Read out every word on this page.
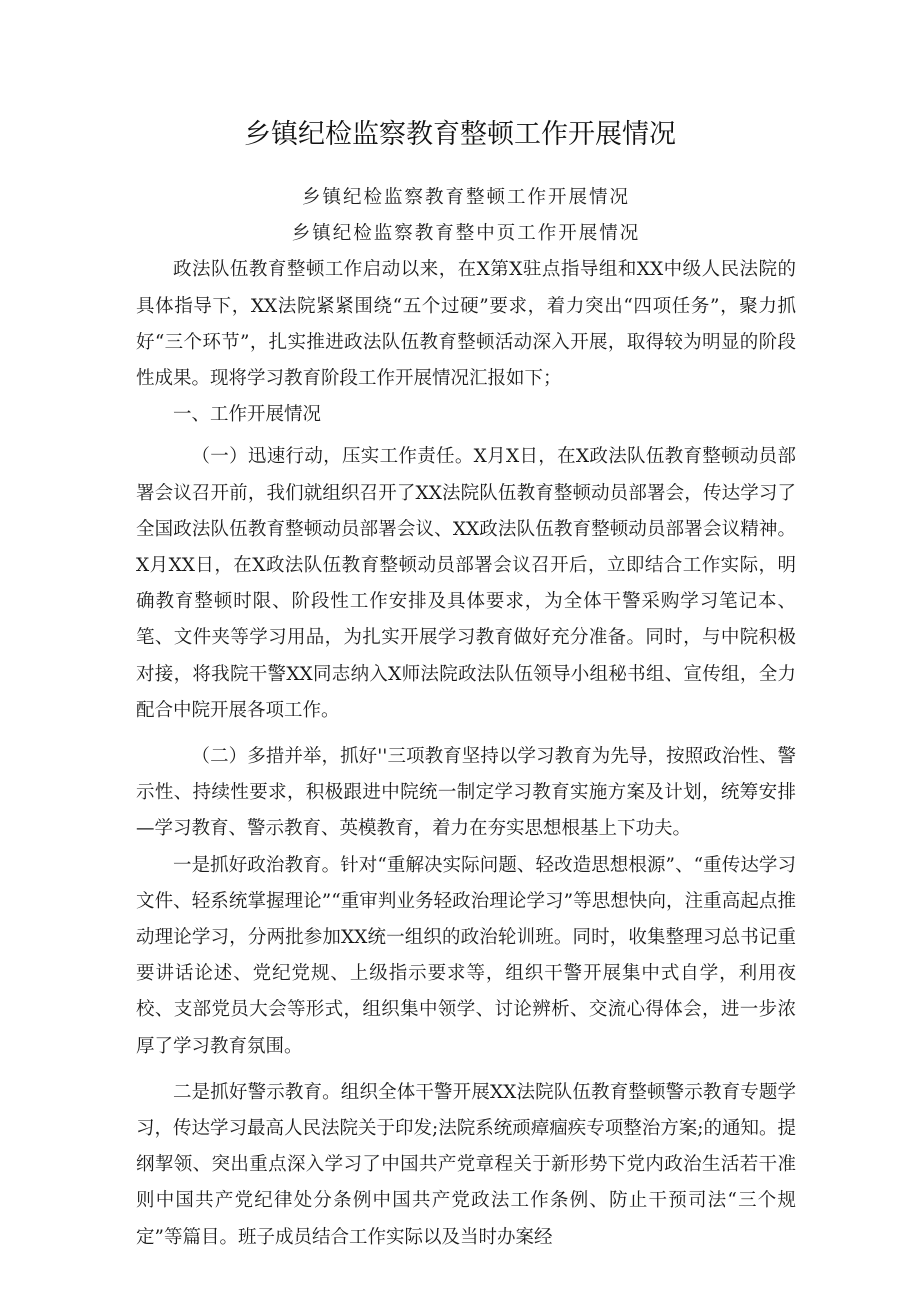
乡镇纪检监察教育整顿工作开展情况

乡镇纪检监察教育整顿工作开展情况

乡镇纪检监察教育整中页工作开展情况

政法队伍教育整顿工作启动以来，在X第X驻点指导组和XX中级人民法院的具体指导下，XX法院紧紧围绕“五个过硬”要求，着力突出“四项任务”，聚力抓好“三个环节”，扎实推进政法队伍教育整顿活动深入开展，取得较为明显的阶段性成果。现将学习教育阶段工作开展情况汇报如下；

一、工作开展情况

（一）迅速行动，压实工作责任。X月X日，在X政法队伍教育整顿动员部署会议召开前，我们就组织召开了XX法院队伍教育整顿动员部署会，传达学习了全国政法队伍教育整顿动员部署会议、XX政法队伍教育整顿动员部署会议精神。X月XX日，在X政法队伍教育整顿动员部署会议召开后，立即结合工作实际，明确教育整顿时限、阶段性工作安排及具体要求，为全体干警采购学习笔记本、笔、文件夹等学习用品，为扎实开展学习教育做好充分准备。同时，与中院积极对接，将我院干警XX同志纳入X师法院政法队伍领导小组秘书组、宣传组，全力配合中院开展各项工作。

（二）多措并举，抓好''三项教育坚持以学习教育为先导，按照政治性、警示性、持续性要求，积极跟进中院统一制定学习教育实施方案及计划，统筹安排—学习教育、警示教育、英模教育，着力在夯实思想根基上下功夫。

一是抓好政治教育。针对“重解决实际问题、轻改造思想根源”、“重传达学习文件、轻系统掌握理论”“重审判业务轻政治理论学习”等思想快向，注重高起点推动理论学习，分两批参加XX统一组织的政治轮训班。同时，收集整理习总书记重要讲话论述、党纪党规、上级指示要求等，组织干警开展集中式自学，利用夜校、支部党员大会等形式，组织集中领学、讨论辨析、交流心得体会，进一步浓厚了学习教育氛围。

二是抓好警示教育。组织全体干警开展XX法院队伍教育整顿警示教育专题学习，传达学习最高人民法院关于印发;法院系统顽瘴痼疾专项整治方案;的通知。提纲挈领、突出重点深入学习了中国共产党章程关于新形势下党内政治生活若干准则中国共产党纪律处分条例中国共产党政法工作条例、防止干预司法“三个规定”等篇目。班子成员结合工作实际以及当时办案经
